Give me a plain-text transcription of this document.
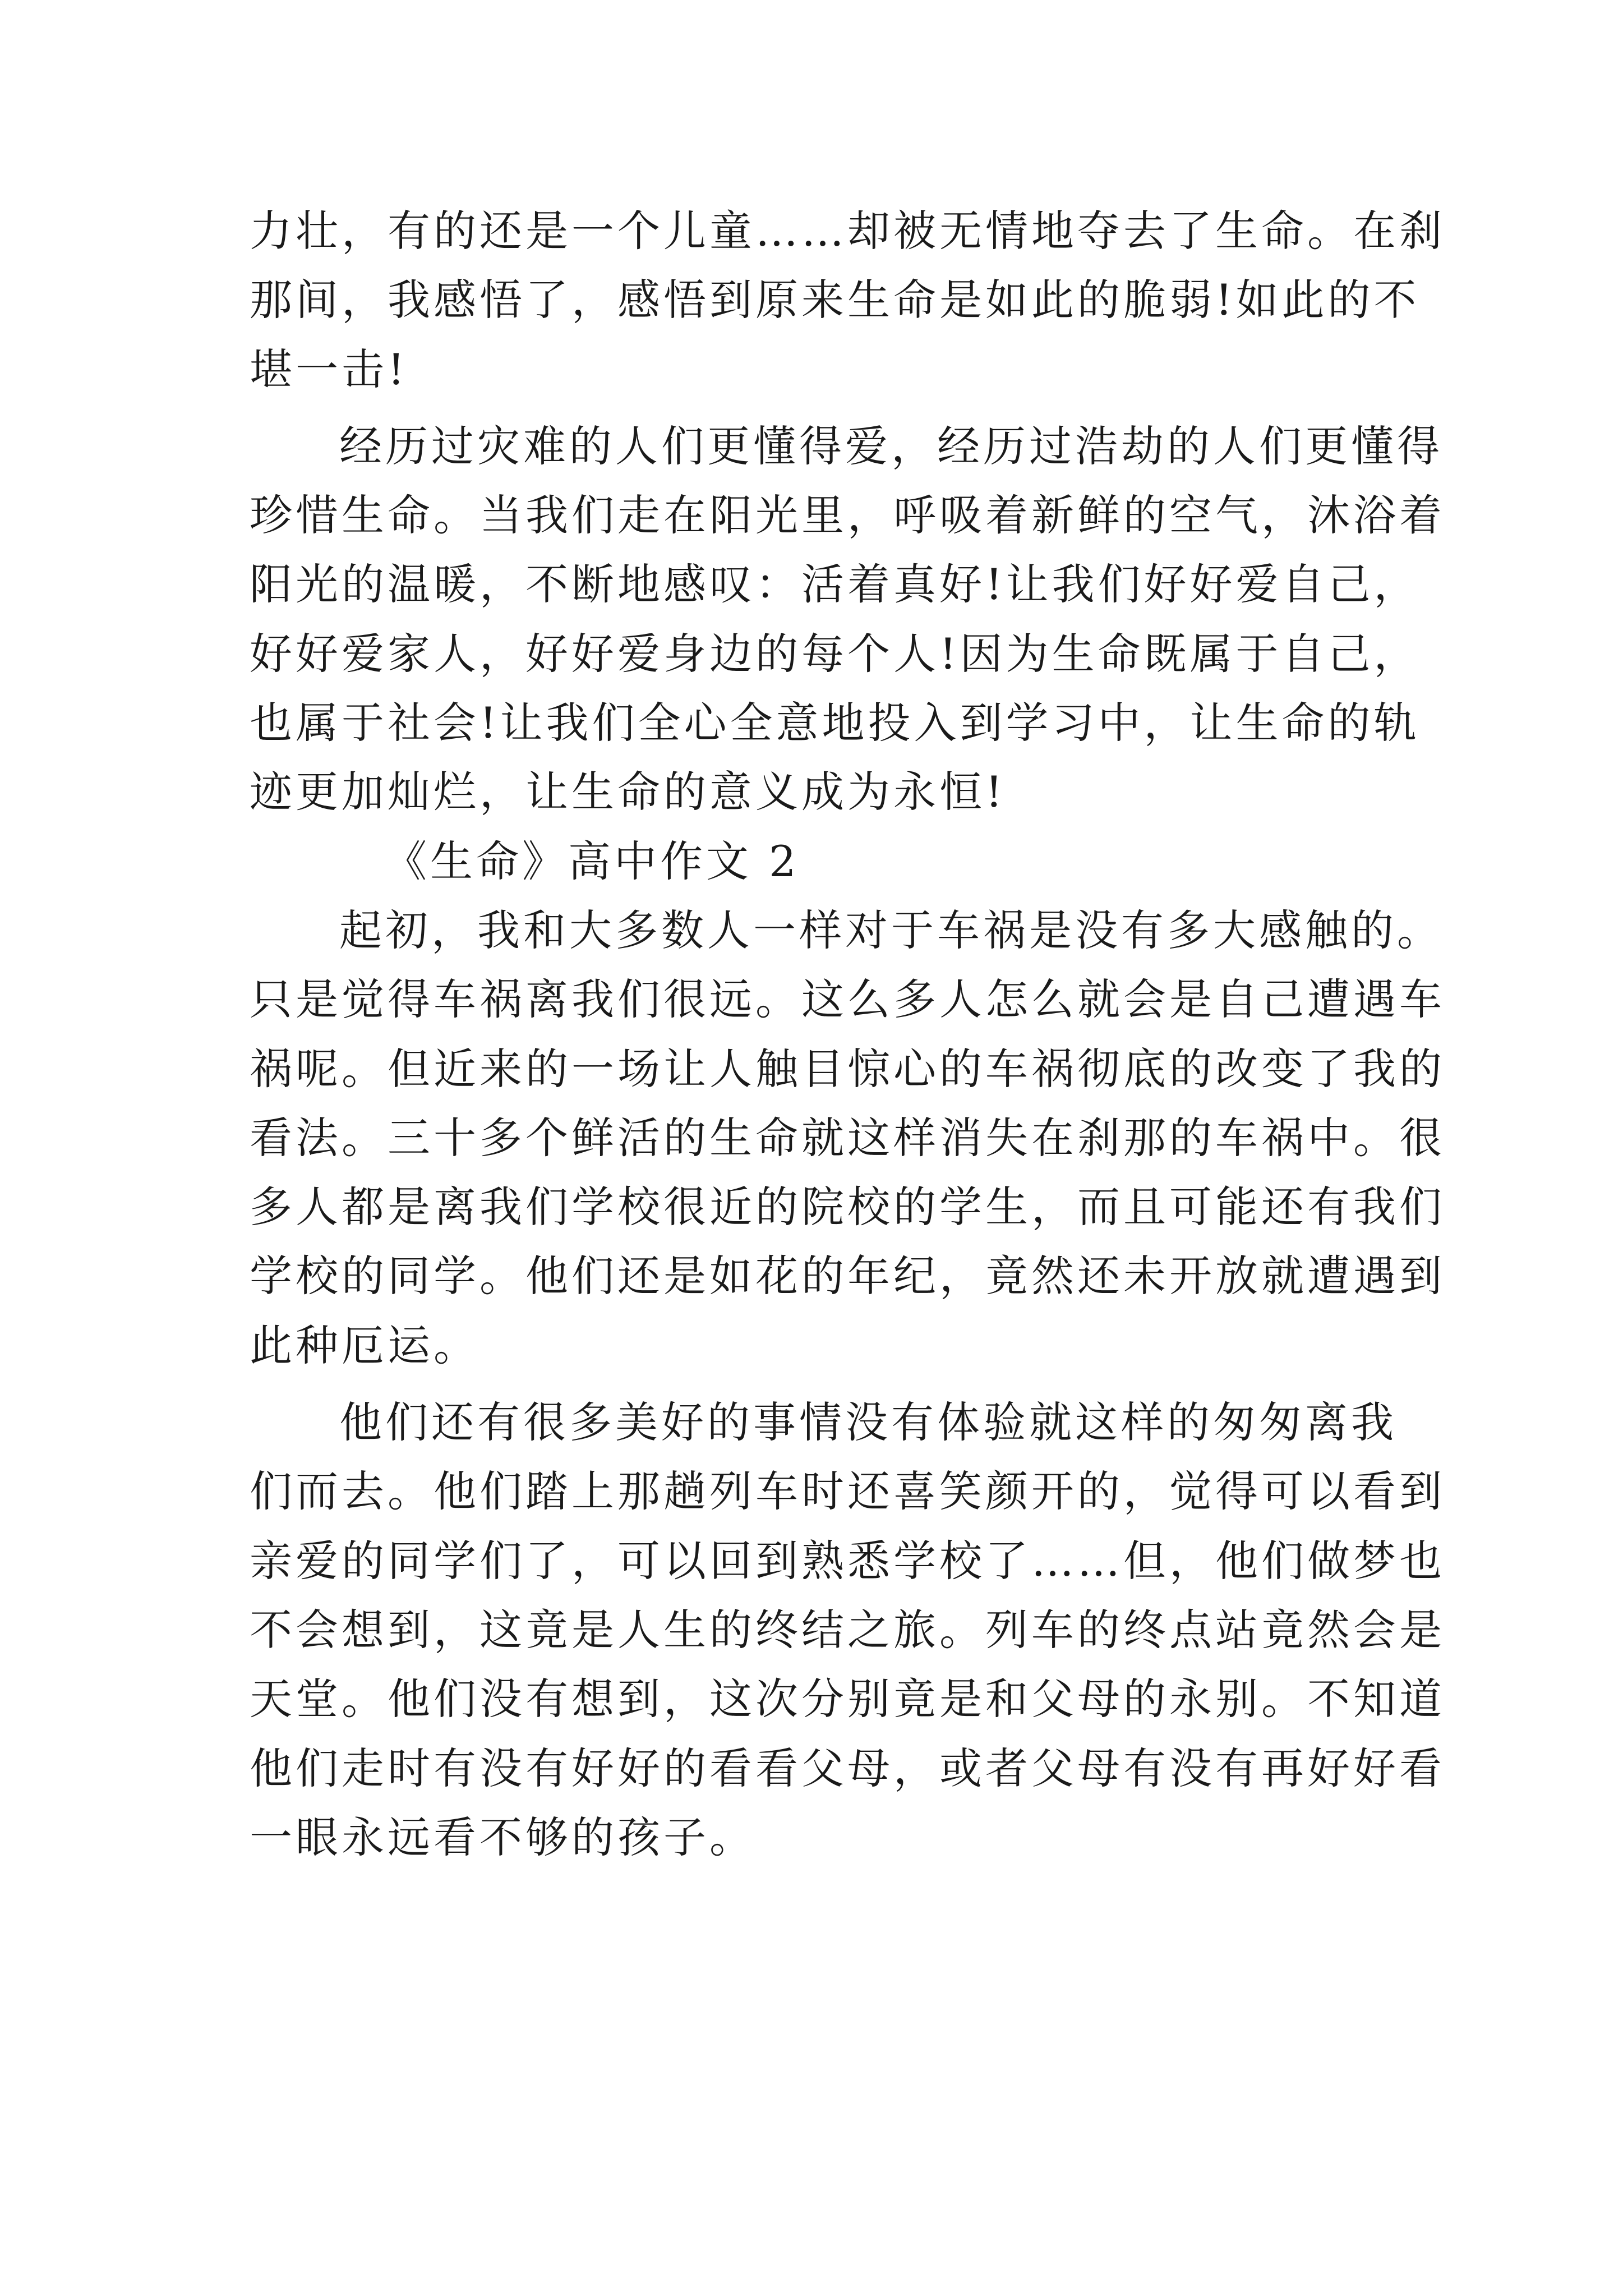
力壮，有的还是一个儿童……却被无情地夺去了生命。在刹
那间，我感悟了，感悟到原来生命是如此的脆弱!如此的不
堪一击!
经历过灾难的人们更懂得爱，经历过浩劫的人们更懂得
珍惜生命。当我们走在阳光里，呼吸着新鲜的空气，沐浴着
阳光的温暖，不断地感叹：活着真好!让我们好好爱自己，
好好爱家人，好好爱身边的每个人!因为生命既属于自己，
也属于社会!让我们全心全意地投入到学习中，让生命的轨
迹更加灿烂，让生命的意义成为永恒!
《生命》高中作文 2
起初，我和大多数人一样对于车祸是没有多大感触的。
只是觉得车祸离我们很远。这么多人怎么就会是自己遭遇车
祸呢。但近来的一场让人触目惊心的车祸彻底的改变了我的
看法。三十多个鲜活的生命就这样消失在刹那的车祸中。很
多人都是离我们学校很近的院校的学生，而且可能还有我们
学校的同学。他们还是如花的年纪，竟然还未开放就遭遇到
此种厄运。
他们还有很多美好的事情没有体验就这样的匆匆离我
们而去。他们踏上那趟列车时还喜笑颜开的，觉得可以看到
亲爱的同学们了，可以回到熟悉学校了……但，他们做梦也
不会想到，这竟是人生的终结之旅。列车的终点站竟然会是
天堂。他们没有想到，这次分别竟是和父母的永别。不知道
他们走时有没有好好的看看父母，或者父母有没有再好好看
一眼永远看不够的孩子。
